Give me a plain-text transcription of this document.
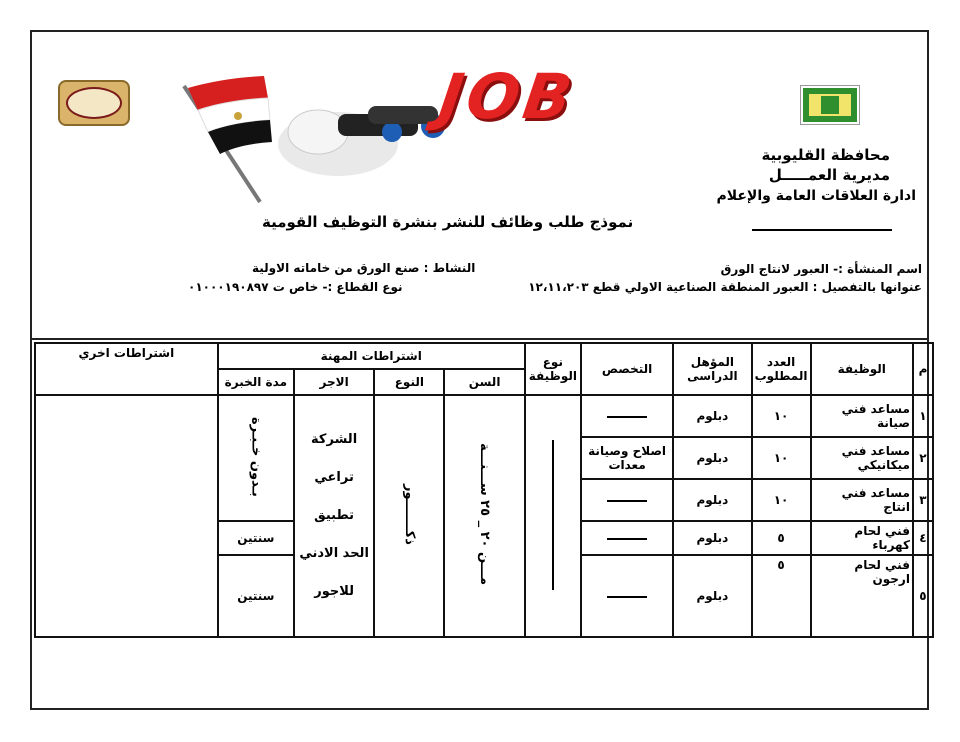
JOB
محافظة القليوبية
مديرية العمـــــل
ادارة العلاقات العامة والإعلام
نموذج طلب وظائف للنشر بنشرة التوظيف القومية
اسم المنشأة :- العبور لانتاج الورق
عنوانها بالتفصيل : العبور المنطقة الصناعية الاولي قطع ١٢،١١،٢٠٣
النشاط : صنع الورق من خاماته الاولية
نوع القطاع :- خاص ت ٠١٠٠٠١٩٠٨٩٧
م	الوظيفة	العدد المطلوب	المؤهل الدراسى	التخصص	نوع الوظيفة	اشتراطات المهنة				اشتراطات اخري
						السن	النوع	الاجر	مدة الخبرة	
١	مساعد فني صيانة	١٠	دبلوم			مـــن ٢٠ _ ٢٥ ســـنـــة	ذكـــــــور	الشركة
تراعي
تطبيق
الحد الادني
للاجور	بـدون خـبـرة	
٢	مساعد فني ميكانيكي	١٠	دبلوم	اصلاح وصيانة معدات						
٣	مساعد فني انتاج	١٠	دبلوم							
٤	فني لحام كهرباء	٥	دبلوم						سنتين	
٥	فني لحام ارجون	٥	دبلوم						سنتين	
